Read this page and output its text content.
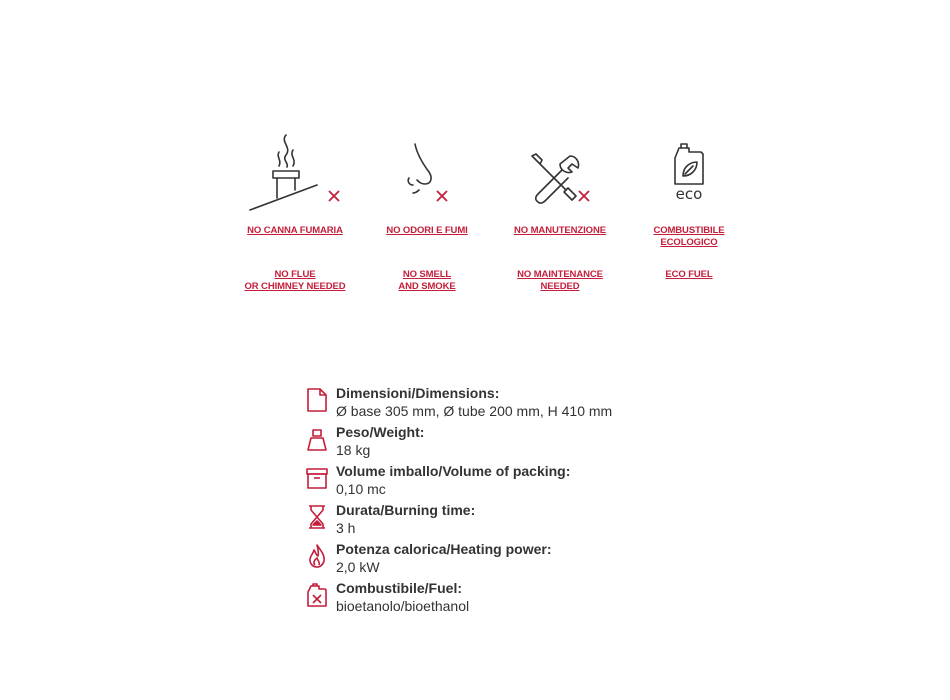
NO CANNA FUMARIA
NO FLUE
OR CHIMNEY NEEDED
NO ODORI E FUMI
NO SMELL
AND SMOKE
NO MANUTENZIONE
NO MAINTENANCE
NEEDED
eco
COMBUSTIBILE
ECOLOGICO
ECO FUEL
Dimensioni/Dimensions:
Ø base 305 mm, Ø tube 200 mm, H 410 mm
Peso/Weight:
18 kg
Volume imballo/Volume of packing:
0,10 mc
Durata/Burning time:
3 h
Potenza calorica/Heating power:
2,0 kW
Combustibile/Fuel:
bioetanolo/bioethanol
